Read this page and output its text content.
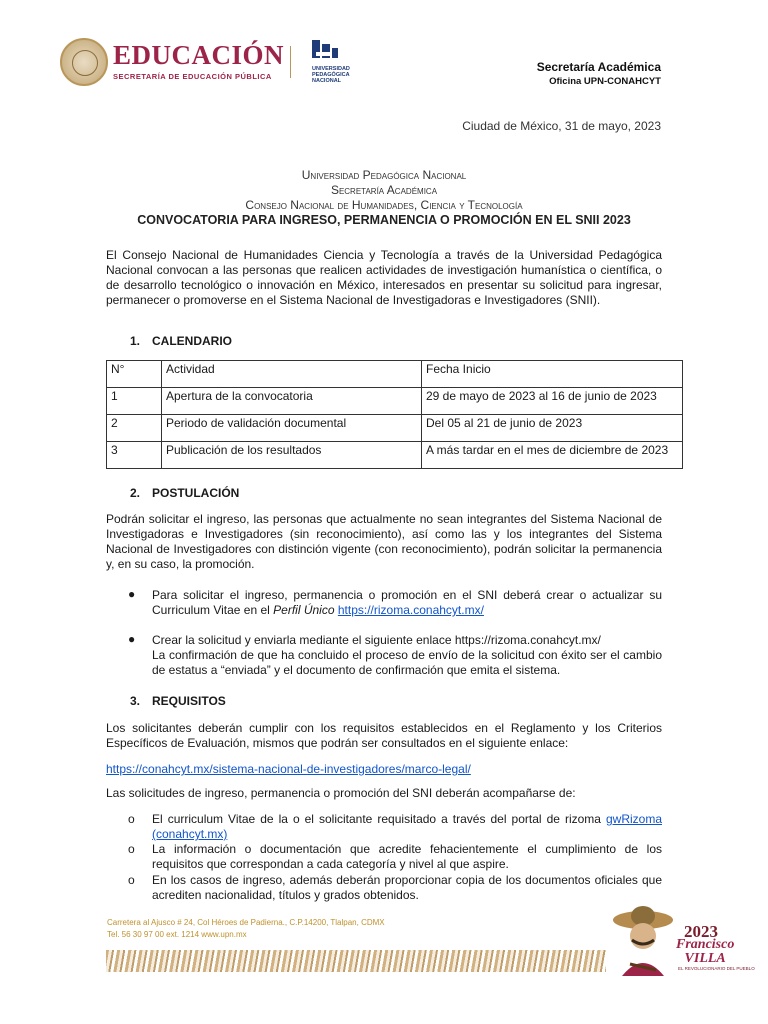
EDUCACIÓN
SECRETARÍA DE EDUCACIÓN PÚBLICA
UNIVERSIDAD
PEDAGÓGICA
NACIONAL
Secretaría Académica
Oficina UPN-CONAHCYT
Ciudad de México, 31 de mayo, 2023
Universidad Pedagógica Nacional
Secretaría Académica
Consejo Nacional de Humanidades, Ciencia y Tecnología
CONVOCATORIA PARA INGRESO, PERMANENCIA O PROMOCIÓN EN EL SNII 2023
El Consejo Nacional de Humanidades Ciencia y Tecnología a través de la Universidad Pedagógica Nacional convocan a las personas que realicen actividades de investigación humanística o científica, o de desarrollo tecnológico o innovación en México, interesados en presentar su solicitud para ingresar, permanecer o promoverse en el Sistema Nacional de Investigadoras e Investigadores (SNII).
1. CALENDARIO
N°	Actividad	Fecha Inicio
1	Apertura de la convocatoria	29 de mayo de 2023 al 16 de junio de 2023
2	Periodo de validación documental	Del 05 al 21 de junio de 2023
3	Publicación de los resultados	A más tardar en el mes de diciembre de 2023
2. POSTULACIÓN
Podrán solicitar el ingreso, las personas que actualmente no sean integrantes del Sistema Nacional de Investigadoras e Investigadores (sin reconocimiento), así como las y los integrantes del Sistema Nacional de Investigadores con distinción vigente (con reconocimiento), podrán solicitar la permanencia y, en su caso, la promoción.
● Para solicitar el ingreso, permanencia o promoción en el SNI deberá crear o actualizar su Curriculum Vitae en el Perfil Único https://rizoma.conahcyt.mx/
● Crear la solicitud y enviarla mediante el siguiente enlace https://rizoma.conahcyt.mx/
La confirmación de que ha concluido el proceso de envío de la solicitud con éxito ser el cambio de estatus a “enviada” y el documento de confirmación que emita el sistema.
3. REQUISITOS
Los solicitantes deberán cumplir con los requisitos establecidos en el Reglamento y los Criterios Específicos de Evaluación, mismos que podrán ser consultados en el siguiente enlace:
https://conahcyt.mx/sistema-nacional-de-investigadores/marco-legal/
Las solicitudes de ingreso, permanencia o promoción del SNI deberán acompañarse de:
o El curriculum Vitae de la o el solicitante requisitado a través del portal de rizoma gwRizoma (conahcyt.mx)
o La información o documentación que acredite fehacientemente el cumplimiento de los requisitos que correspondan a cada categoría y nivel al que aspire.
o En los casos de ingreso, además deberán proporcionar copia de los documentos oficiales que acrediten nacionalidad, títulos y grados obtenidos.
Carretera al Ajusco # 24, Col Héroes de Padierna., C.P.14200, Tlalpan, CDMX
Tel. 56 30 97 00 ext. 1214 www.upn.mx	2023
Francisco
VILLA
EL REVOLUCIONARIO DEL PUEBLO
